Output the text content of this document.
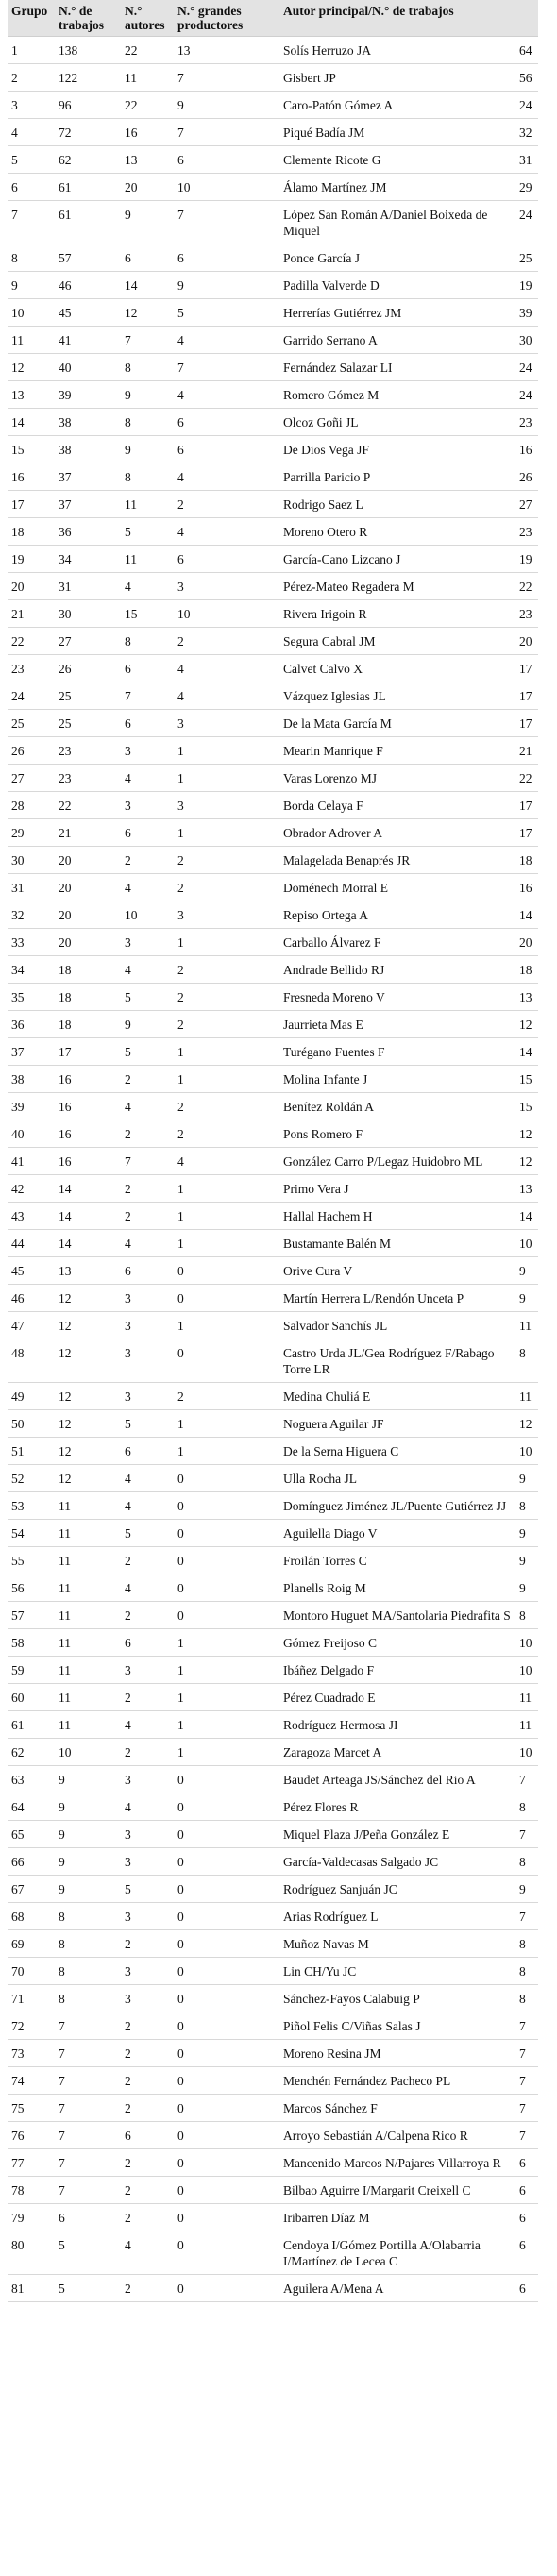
Grupo	N.° de trabajos	N.° autores	N.° grandes productores	Autor principal/N.° de trabajos	
1	138	22	13	Solís Herruzo JA	64
2	122	11	7	Gisbert JP	56
3	96	22	9	Caro-Patón Gómez A	24
4	72	16	7	Piqué Badía JM	32
5	62	13	6	Clemente Ricote G	31
6	61	20	10	Álamo Martínez JM	29
7	61	9	7	López San Román A/Daniel Boixeda de Miquel	24
8	57	6	6	Ponce García J	25
9	46	14	9	Padilla Valverde D	19
10	45	12	5	Herrerías Gutiérrez JM	39
11	41	7	4	Garrido Serrano A	30
12	40	8	7	Fernández Salazar LI	24
13	39	9	4	Romero Gómez M	24
14	38	8	6	Olcoz Goñi JL	23
15	38	9	6	De Dios Vega JF	16
16	37	8	4	Parrilla Paricio P	26
17	37	11	2	Rodrigo Saez L	27
18	36	5	4	Moreno Otero R	23
19	34	11	6	García-Cano Lizcano J	19
20	31	4	3	Pérez-Mateo Regadera M	22
21	30	15	10	Rivera Irigoin R	23
22	27	8	2	Segura Cabral JM	20
23	26	6	4	Calvet Calvo X	17
24	25	7	4	Vázquez Iglesias JL	17
25	25	6	3	De la Mata García M	17
26	23	3	1	Mearin Manrique F	21
27	23	4	1	Varas Lorenzo MJ	22
28	22	3	3	Borda Celaya F	17
29	21	6	1	Obrador Adrover A	17
30	20	2	2	Malagelada Benaprés JR	18
31	20	4	2	Doménech Morral E	16
32	20	10	3	Repiso Ortega A	14
33	20	3	1	Carballo Álvarez F	20
34	18	4	2	Andrade Bellido RJ	18
35	18	5	2	Fresneda Moreno V	13
36	18	9	2	Jaurrieta Mas E	12
37	17	5	1	Turégano Fuentes F	14
38	16	2	1	Molina Infante J	15
39	16	4	2	Benítez Roldán A	15
40	16	2	2	Pons Romero F	12
41	16	7	4	González Carro P/Legaz Huidobro ML	12
42	14	2	1	Primo Vera J	13
43	14	2	1	Hallal Hachem H	14
44	14	4	1	Bustamante Balén M	10
45	13	6	0	Orive Cura V	9
46	12	3	0	Martín Herrera L/Rendón Unceta P	9
47	12	3	1	Salvador Sanchís JL	11
48	12	3	0	Castro Urda JL/Gea Rodríguez F/Rabago Torre LR	8
49	12	3	2	Medina Chuliá E	11
50	12	5	1	Noguera Aguilar JF	12
51	12	6	1	De la Serna Higuera C	10
52	12	4	0	Ulla Rocha JL	9
53	11	4	0	Domínguez Jiménez JL/Puente Gutiérrez JJ	8
54	11	5	0	Aguilella Diago V	9
55	11	2	0	Froilán Torres C	9
56	11	4	0	Planells Roig M	9
57	11	2	0	Montoro Huguet MA/Santolaria Piedrafita S	8
58	11	6	1	Gómez Freijoso C	10
59	11	3	1	Ibáñez Delgado F	10
60	11	2	1	Pérez Cuadrado E	11
61	11	4	1	Rodríguez Hermosa JI	11
62	10	2	1	Zaragoza Marcet A	10
63	9	3	0	Baudet Arteaga JS/Sánchez del Rio A	7
64	9	4	0	Pérez Flores R	8
65	9	3	0	Miquel Plaza J/Peña González E	7
66	9	3	0	García-Valdecasas Salgado JC	8
67	9	5	0	Rodríguez Sanjuán JC	9
68	8	3	0	Arias Rodríguez L	7
69	8	2	0	Muñoz Navas M	8
70	8	3	0	Lin CH/Yu JC	8
71	8	3	0	Sánchez-Fayos Calabuig P	8
72	7	2	0	Piñol Felis C/Viñas Salas J	7
73	7	2	0	Moreno Resina JM	7
74	7	2	0	Menchén Fernández Pacheco PL	7
75	7	2	0	Marcos Sánchez F	7
76	7	6	0	Arroyo Sebastián A/Calpena Rico R	7
77	7	2	0	Mancenido Marcos N/Pajares Villarroya R	6
78	7	2	0	Bilbao Aguirre I/Margarit Creixell C	6
79	6	2	0	Iribarren Díaz M	6
80	5	4	0	Cendoya I/Gómez Portilla A/Olabarria I/Martínez de Lecea C	6
81	5	2	0	Aguilera A/Mena A	6
